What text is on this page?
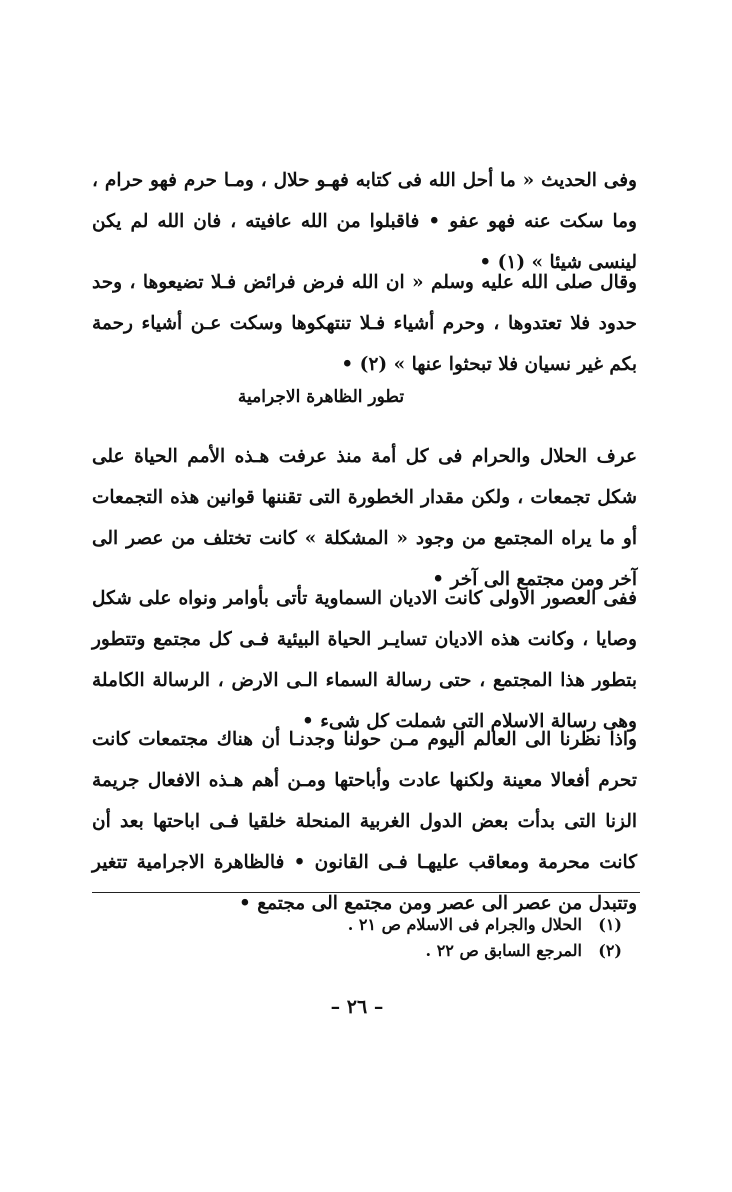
وفى الحديث « ما أحل الله فى كتابه فهـو حلال ، ومـا حرم فهو حرام ، وما سكت عنه فهو عفو • فاقبلوا من الله عافيته ، فان الله لم يكن لينسى شيئا » (١) •

وقال صلى الله عليه وسلم « ان الله فرض فرائض فـلا تضيعوها ، وحد حدود فلا تعتدوها ، وحرم أشياء فـلا تنتهكوها وسكت عـن أشياء رحمة بكم غير نسيان فلا تبحثوا عنها » (٢) •

تطور الظاهرة الاجرامية

عرف الحلال والحرام فى كل أمة منذ عرفت هـذه الأمم الحياة على شكل تجمعات ، ولكن مقدار الخطورة التى تقننها قوانين هذه التجمعات أو ما يراه المجتمع من وجود « المشكلة » كانت تختلف من عصر الى آخر ومن مجتمع الى آخر •

ففى العصور الاولى كانت الاديان السماوية تأتى بأوامر ونواه على شكل وصايا ، وكانت هذه الاديان تسايـر الحياة البيئية فـى كل مجتمع وتتطور بتطور هذا المجتمع ، حتى رسالة السماء الـى الارض ، الرسالة الكاملة وهى رسالة الاسلام التى شملت كل شىء •

واذا نظرنا الى العالم اليوم مـن حولنا وجدنـا أن هناك مجتمعات كانت تحرم أفعالا معينة ولكنها عادت وأباحتها ومـن أهم هـذه الافعال جريمة الزنا التى بدأت بعض الدول الغربية المنحلة خلقيا فـى اباحتها بعد أن كانت محرمة ومعاقب عليهـا فـى القانون • فالظاهرة الاجرامية تتغير وتتبدل من عصر الى عصر ومن مجتمع الى مجتمع •

(١)
الحلال والجرام فى الاسلام ص ٢١ .
(٢)
المرجع السابق ص ٢٢ .
– ٢٦ –
